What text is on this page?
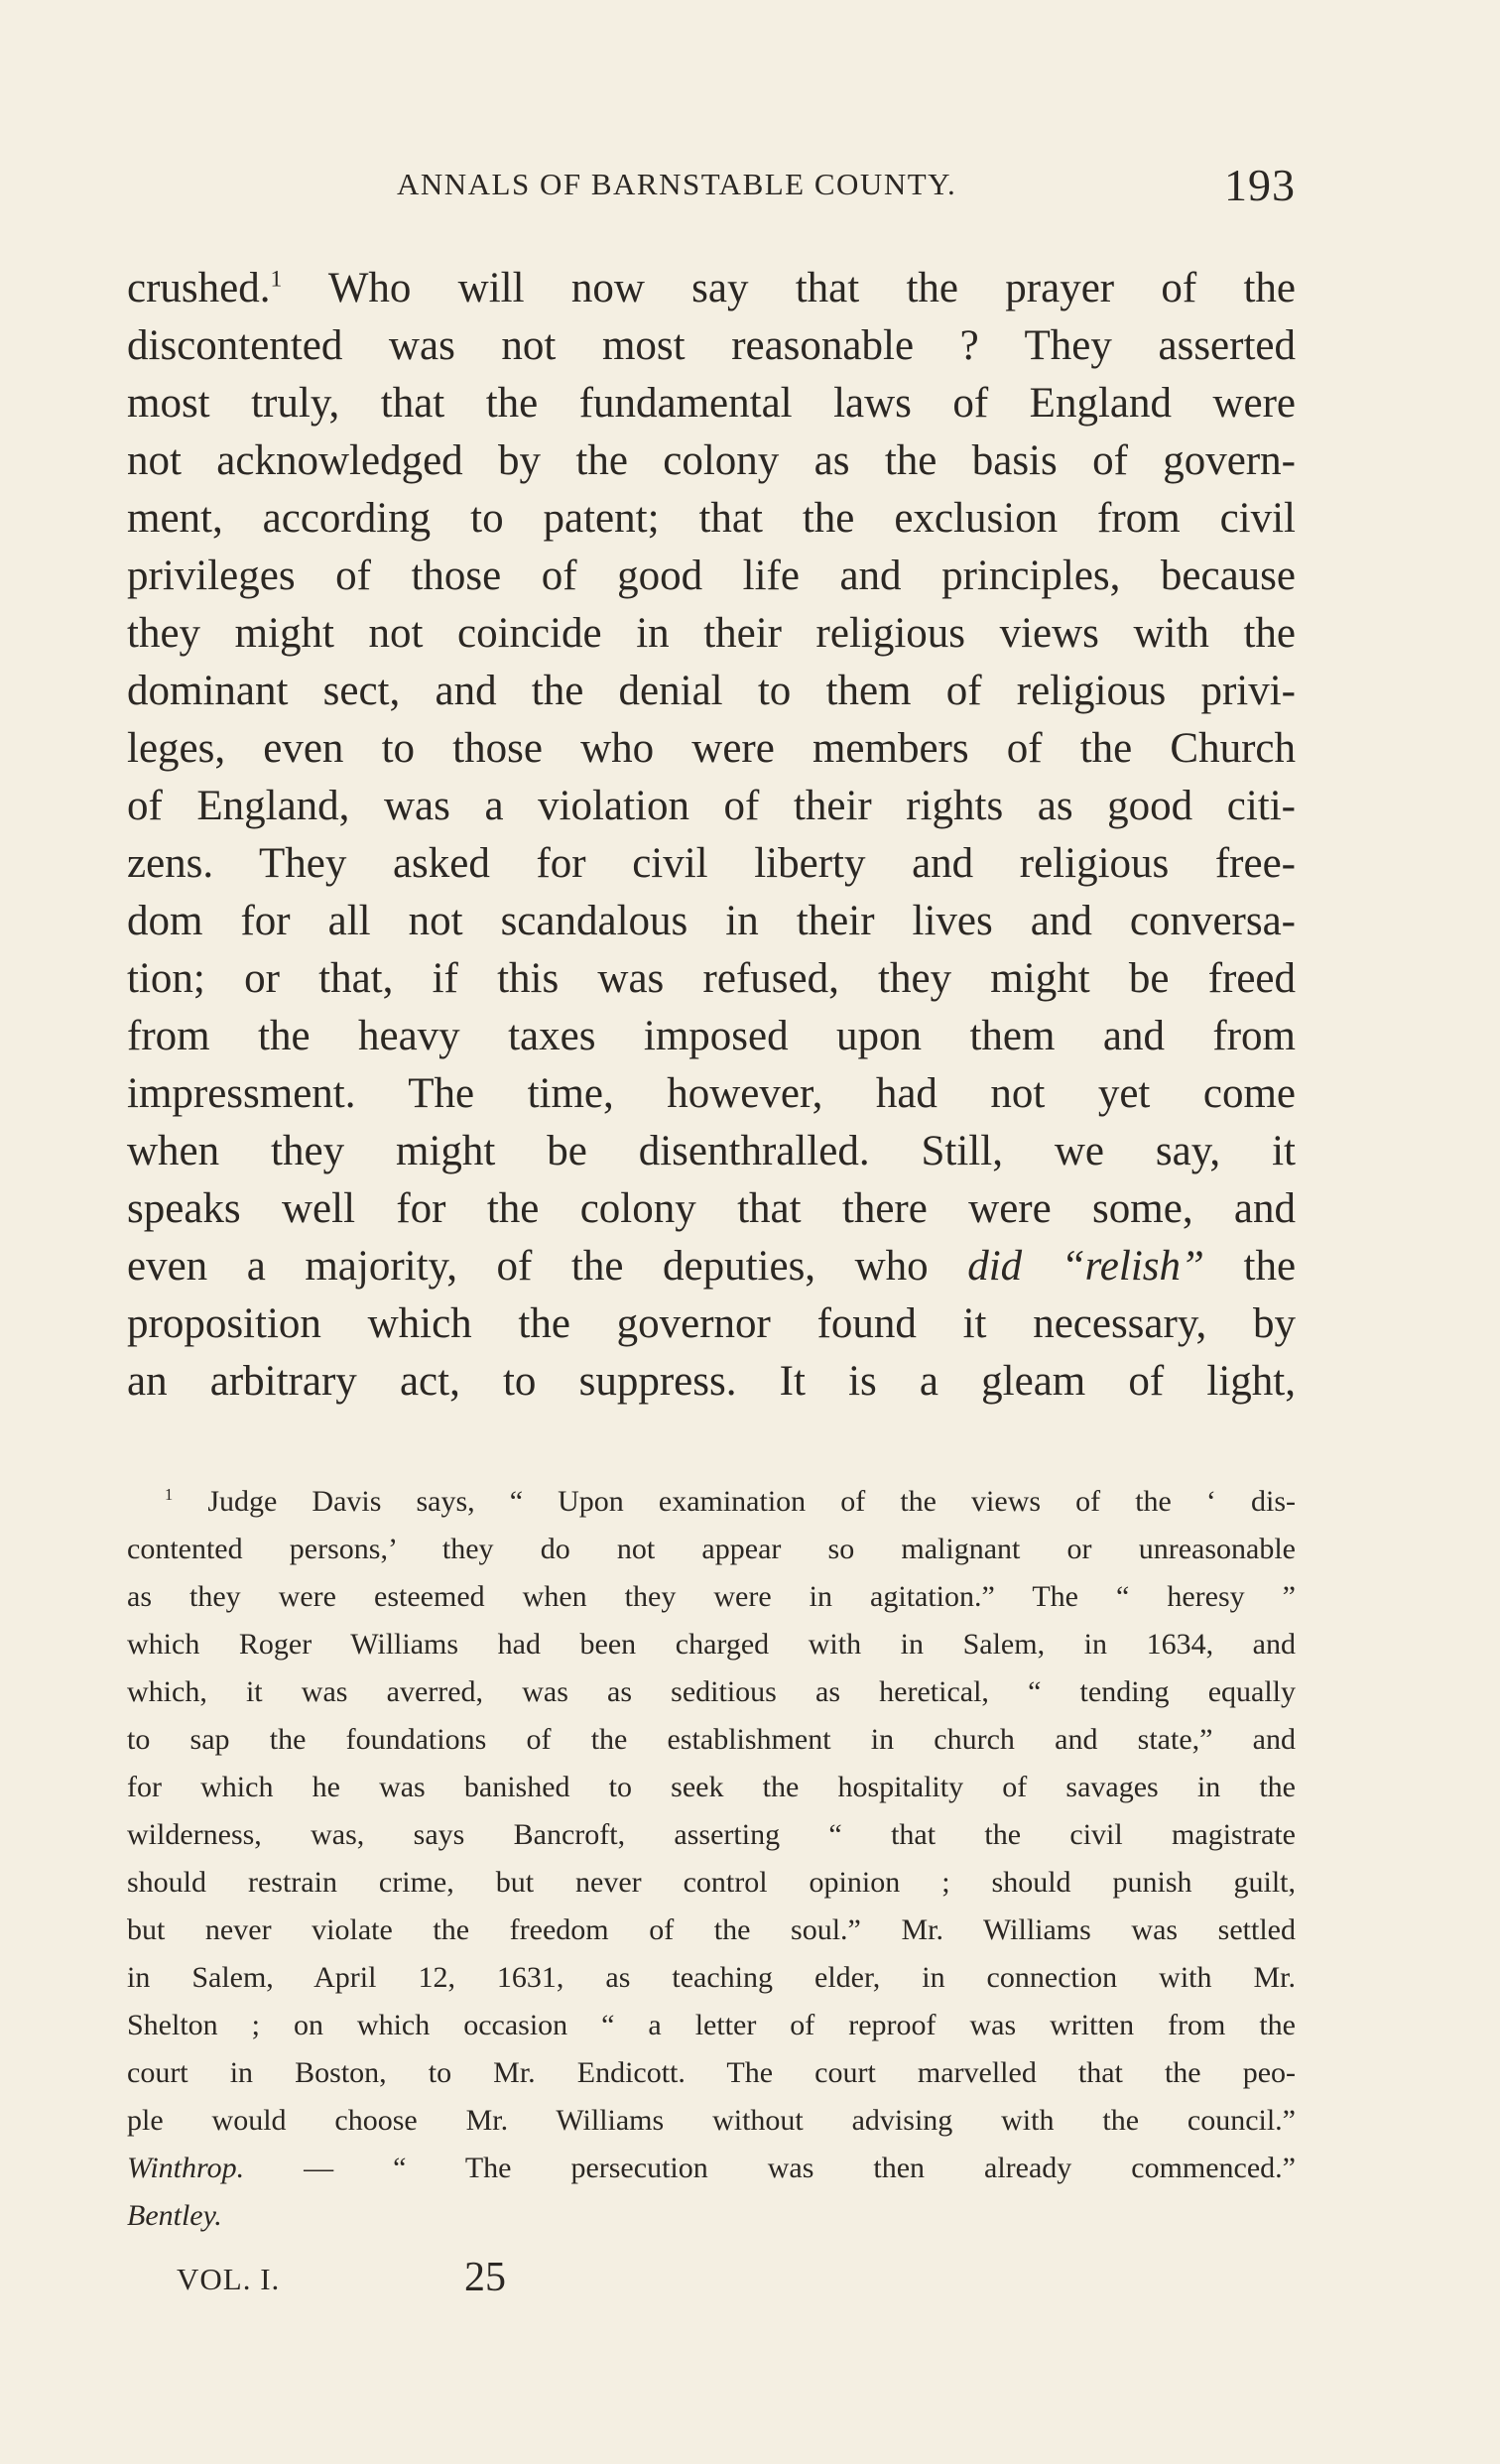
ANNALS OF BARNSTABLE COUNTY.	193
crushed.$^1$ Who will now say that the prayer of the
discontented was not most reasonable ? They asserted
most truly, that the fundamental laws of England were
not acknowledged by the colony as the basis of govern-
ment, according to patent; that the exclusion from civil
privileges of those of good life and principles, because
they might not coincide in their religious views with the
dominant sect, and the denial to them of religious privi-
leges, even to those who were members of the Church
of England, was a violation of their rights as good citi-
zens. They asked for civil liberty and religious free-
dom for all not scandalous in their lives and conversa-
tion; or that, if this was refused, they might be freed
from the heavy taxes imposed upon them and from
impressment. The time, however, had not yet come
when they might be disenthralled. Still, we say, it
speaks well for the colony that there were some, and
even a majority, of the deputies, who did “relish” the
proposition which the governor found it necessary, by
an arbitrary act, to suppress. It is a gleam of light,
$^1$ Judge Davis says, “ Upon examination of the views of the ‘ dis-
contented persons,’ they do not appear so malignant or unreasonable
as they were esteemed when they were in agitation.” The “ heresy ”
which Roger Williams had been charged with in Salem, in 1634, and
which, it was averred, was as seditious as heretical, “ tending equally
to sap the foundations of the establishment in church and state,” and
for which he was banished to seek the hospitality of savages in the
wilderness, was, says Bancroft, asserting “ that the civil magistrate
should restrain crime, but never control opinion ; should punish guilt,
but never violate the freedom of the soul.” Mr. Williams was settled
in Salem, April 12, 1631, as teaching elder, in connection with Mr.
Shelton ; on which occasion “ a letter of reproof was written from the
court in Boston, to Mr. Endicott. The court marvelled that the peo-
ple would choose Mr. Williams without advising with the council.”
Winthrop. — “ The persecution was then already commenced.”
Bentley.
VOL. I.	25
